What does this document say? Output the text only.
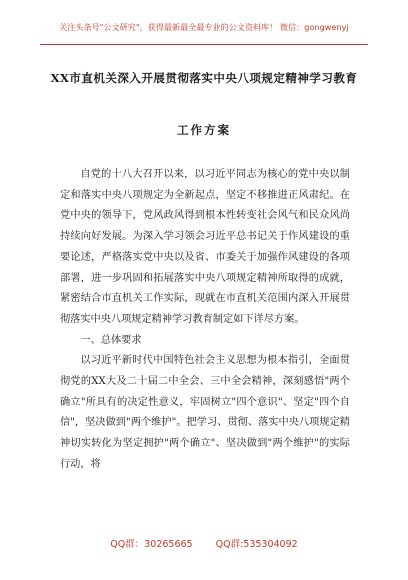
关注头条号"公文研究"，获得最新最全最专业的公文资料库！ 微信：gongwenyj
XX市直机关深入开展贯彻落实中央八项规定精神学习教育
工作方案

自党的十八大召开以来，以习近平同志为核心的党中央以制定和落实中央八项规定为全新起点，坚定不移推进正风肃纪。在党中央的领导下，党风政风得到根本性转变社会风气和民众风尚持续向好发展。为深入学习领会习近平总书记关于作风建设的重要论述，严格落实党中央以及省、市委关于加强作风建设的各项部署，进一步巩固和拓展落实中央八项规定精神所取得的成就，紧密结合市直机关工作实际，现就在市直机关范围内深入开展贯彻落实中央八项规定精神学习教育制定如下详尽方案。

一、总体要求

以习近平新时代中国特色社会主义思想为根本指引，全面贯彻党的XX大及二十届二中全会、三中全会精神，深刻感悟"两个确立"所具有的决定性意义，牢固树立"四个意识"、坚定"四个自信"，坚决做到"两个维护"。把学习、贯彻、落实中央八项规定精神切实转化为坚定拥护"两个确立"、坚决做到"两个维护"的实际行动，将

QQ群：30265665 QQ群:535304092
